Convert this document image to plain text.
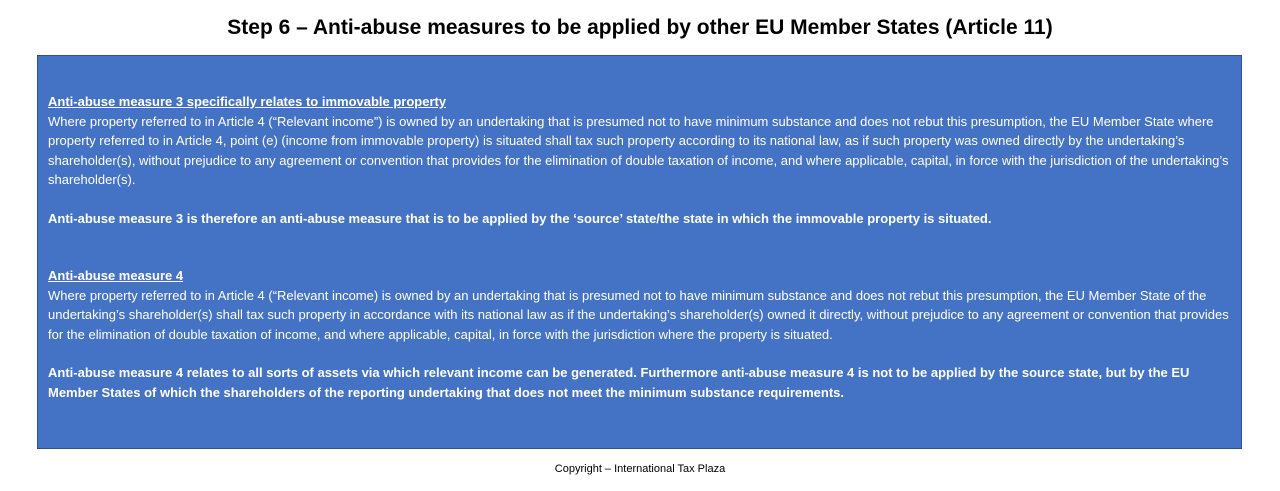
Step 6 – Anti-abuse measures to be applied by other EU Member States (Article 11)

Anti-abuse measure 3 specifically relates to immovable property

Where property referred to in Article 4 (“Relevant income”) is owned by an undertaking that is presumed not to have minimum substance and does not rebut this presumption, the EU Member State where property referred to in Article 4, point (e) (income from immovable property) is situated shall tax such property according to its national law, as if such property was owned directly by the undertaking’s shareholder(s), without prejudice to any agreement or convention that provides for the elimination of double taxation of income, and where applicable, capital, in force with the jurisdiction of the undertaking’s shareholder(s).

Anti-abuse measure 3 is therefore an anti-abuse measure that is to be applied by the ‘source’ state/the state in which the immovable property is situated.

Anti-abuse measure 4

Where property referred to in Article 4 (“Relevant income) is owned by an undertaking that is presumed not to have minimum substance and does not rebut this presumption, the EU Member State of the undertaking’s shareholder(s) shall tax such property in accordance with its national law as if the undertaking’s shareholder(s) owned it directly, without prejudice to any agreement or convention that provides for the elimination of double taxation of income, and where applicable, capital, in force with the jurisdiction where the property is situated.

Anti-abuse measure 4 relates to all sorts of assets via which relevant income can be generated. Furthermore anti-abuse measure 4 is not to be applied by the source state, but by the EU Member States of which the shareholders of the reporting undertaking that does not meet the minimum substance requirements.

Copyright – International Tax Plaza
